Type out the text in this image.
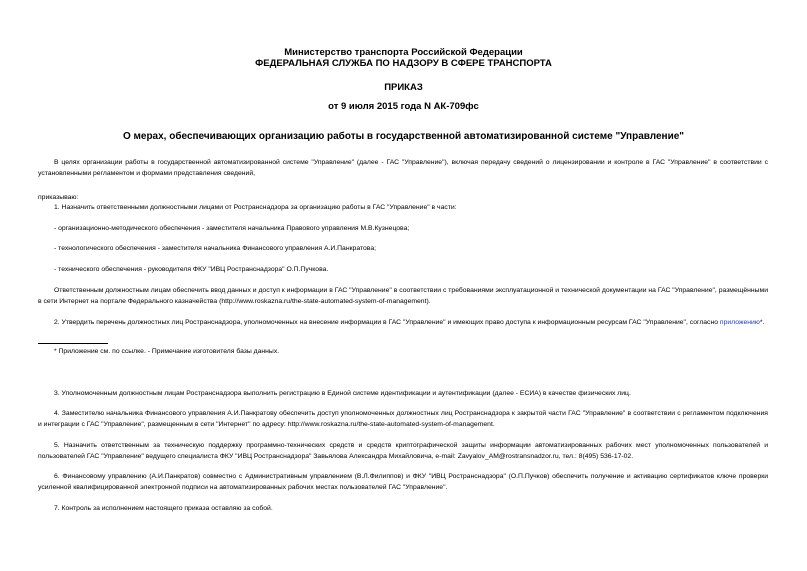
Министерство транспорта Российской Федерации
ФЕДЕРАЛЬНАЯ СЛУЖБА ПО НАДЗОРУ В СФЕРЕ ТРАНСПОРТА
ПРИКАЗ
от 9 июля 2015 года N АК-709фс
О мерах, обеспечивающих организацию работы в государственной автоматизированной системе "Управление"
В целях организации работы в государственной автоматизированной системе "Управление" (далее - ГАС "Управление"), включая передачу сведений о лицензировании и контроле в ГАС "Управление" в соответствии с установленными регламентом и формами представления сведений,
приказываю:
1. Назначить ответственными должностными лицами от Ространснадзора за организацию работы в ГАС "Управление" в части:
- организационно-методического обеспечения - заместителя начальника Правового управления М.В.Кузнецова;
- технологического обеспечения - заместителя начальника Финансового управления А.И.Панкратова;
- технического обеспечения - руководителя ФКУ "ИВЦ Ространснадзора" О.П.Пучкова.
Ответственным должностным лицам обеспечить ввод данных и доступ к информации в ГАС "Управление" в соответствии с требованиями эксплуатационной и технической документации на ГАС "Управление", размещёнными в сети Интернет на портале Федерального казначейства (http://www.roskazna.ru/the-state-automated-system-of-management).
2. Утвердить перечень должностных лиц Ространснадзора, уполномоченных на внесение информации в ГАС "Управление" и имеющих право доступа к информационным ресурсам ГАС "Управление", согласно приложению*.
* Приложение см. по ссылке. - Примечание изготовителя базы данных.
3. Уполномоченным должностным лицам Ространснадзора выполнить регистрацию в Единой системе идентификации и аутентификации (далее - ЕСИА) в качестве физических лиц.
4. Заместителю начальника Финансового управления А.И.Панкратову обеспечить доступ уполномоченных должностных лиц Ространснадзора к закрытой части ГАС "Управление" в соответствии с регламентом подключения и интеграции с ГАС "Управление", размещенным в сети "Интернет" по адресу: http://www.roskazna.ru/the-state-automated-system-of-management.
5. Назначить ответственным за техническую поддержку программно-технических средств и средств криптографической защиты информации автоматизированных рабочих мест уполномоченных пользователей и пользователей ГАС "Управление" ведущего специалиста ФКУ "ИВЦ Ространснадзора" Завьялова Александра Михайловича, e-mail: Zavyalov_AM@rostransnadzor.ru, тел.: 8(495) 536-17-02.
6. Финансовому управлению (А.И.Панкратов) совместно с Административным управлением (В.Л.Филиппов) и ФКУ "ИВЦ Ространснадзора" (О.П.Пучков) обеспечить получение и активацию сертификатов ключе проверки усиленной квалифицированной электронной подписи на автоматизированных рабочих местах пользователей ГАС "Управление".
7. Контроль за исполнением настоящего приказа оставляю за собой.
